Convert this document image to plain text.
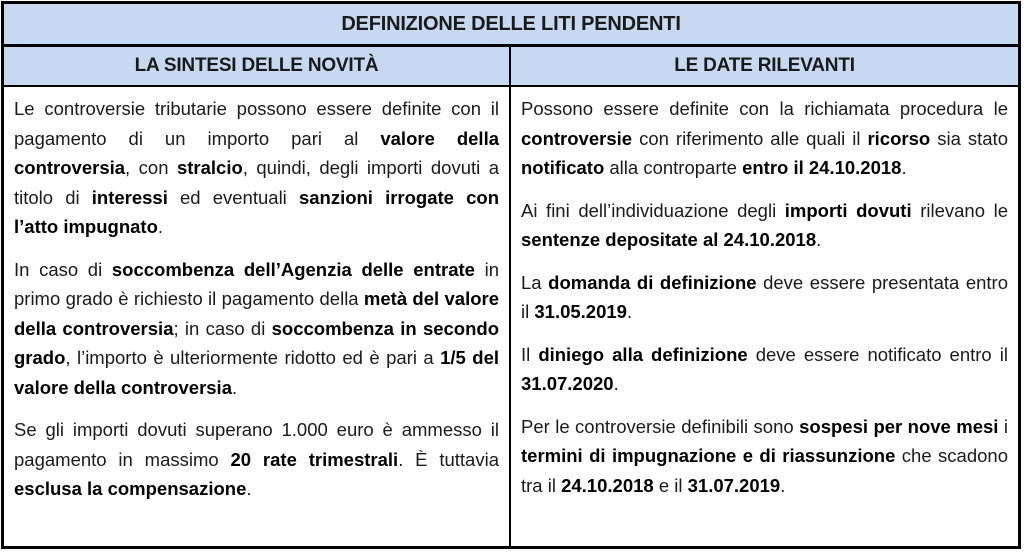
DEFINIZIONE DELLE LITI PENDENTI
LA SINTESI DELLE NOVITÀ	LE DATE RILEVANTI

Le controversie tributarie possono essere definite con il pagamento di un importo pari al valore della controversia, con stralcio, quindi, degli importi dovuti a titolo di interessi ed eventuali sanzioni irrogate con l’atto impugnato.

In caso di soccombenza dell’Agenzia delle entrate in primo grado è richiesto il pagamento della metà del valore della controversia; in caso di soccombenza in secondo grado, l’importo è ulteriormente ridotto ed è pari a 1/5 del valore della controversia.

Se gli importi dovuti superano 1.000 euro è ammesso il pagamento in massimo 20 rate trimestrali. È tuttavia esclusa la compensazione.

Possono essere definite con la richiamata procedura le controversie con riferimento alle quali il ricorso sia stato notificato alla controparte entro il 24.10.2018.

Ai fini dell’individuazione degli importi dovuti rilevano le sentenze depositate al 24.10.2018.

La domanda di definizione deve essere presentata entro il 31.05.2019.

Il diniego alla definizione deve essere notificato entro il 31.07.2020.

Per le controversie definibili sono sospesi per nove mesi i termini di impugnazione e di riassunzione che scadono tra il 24.10.2018 e il 31.07.2019.
